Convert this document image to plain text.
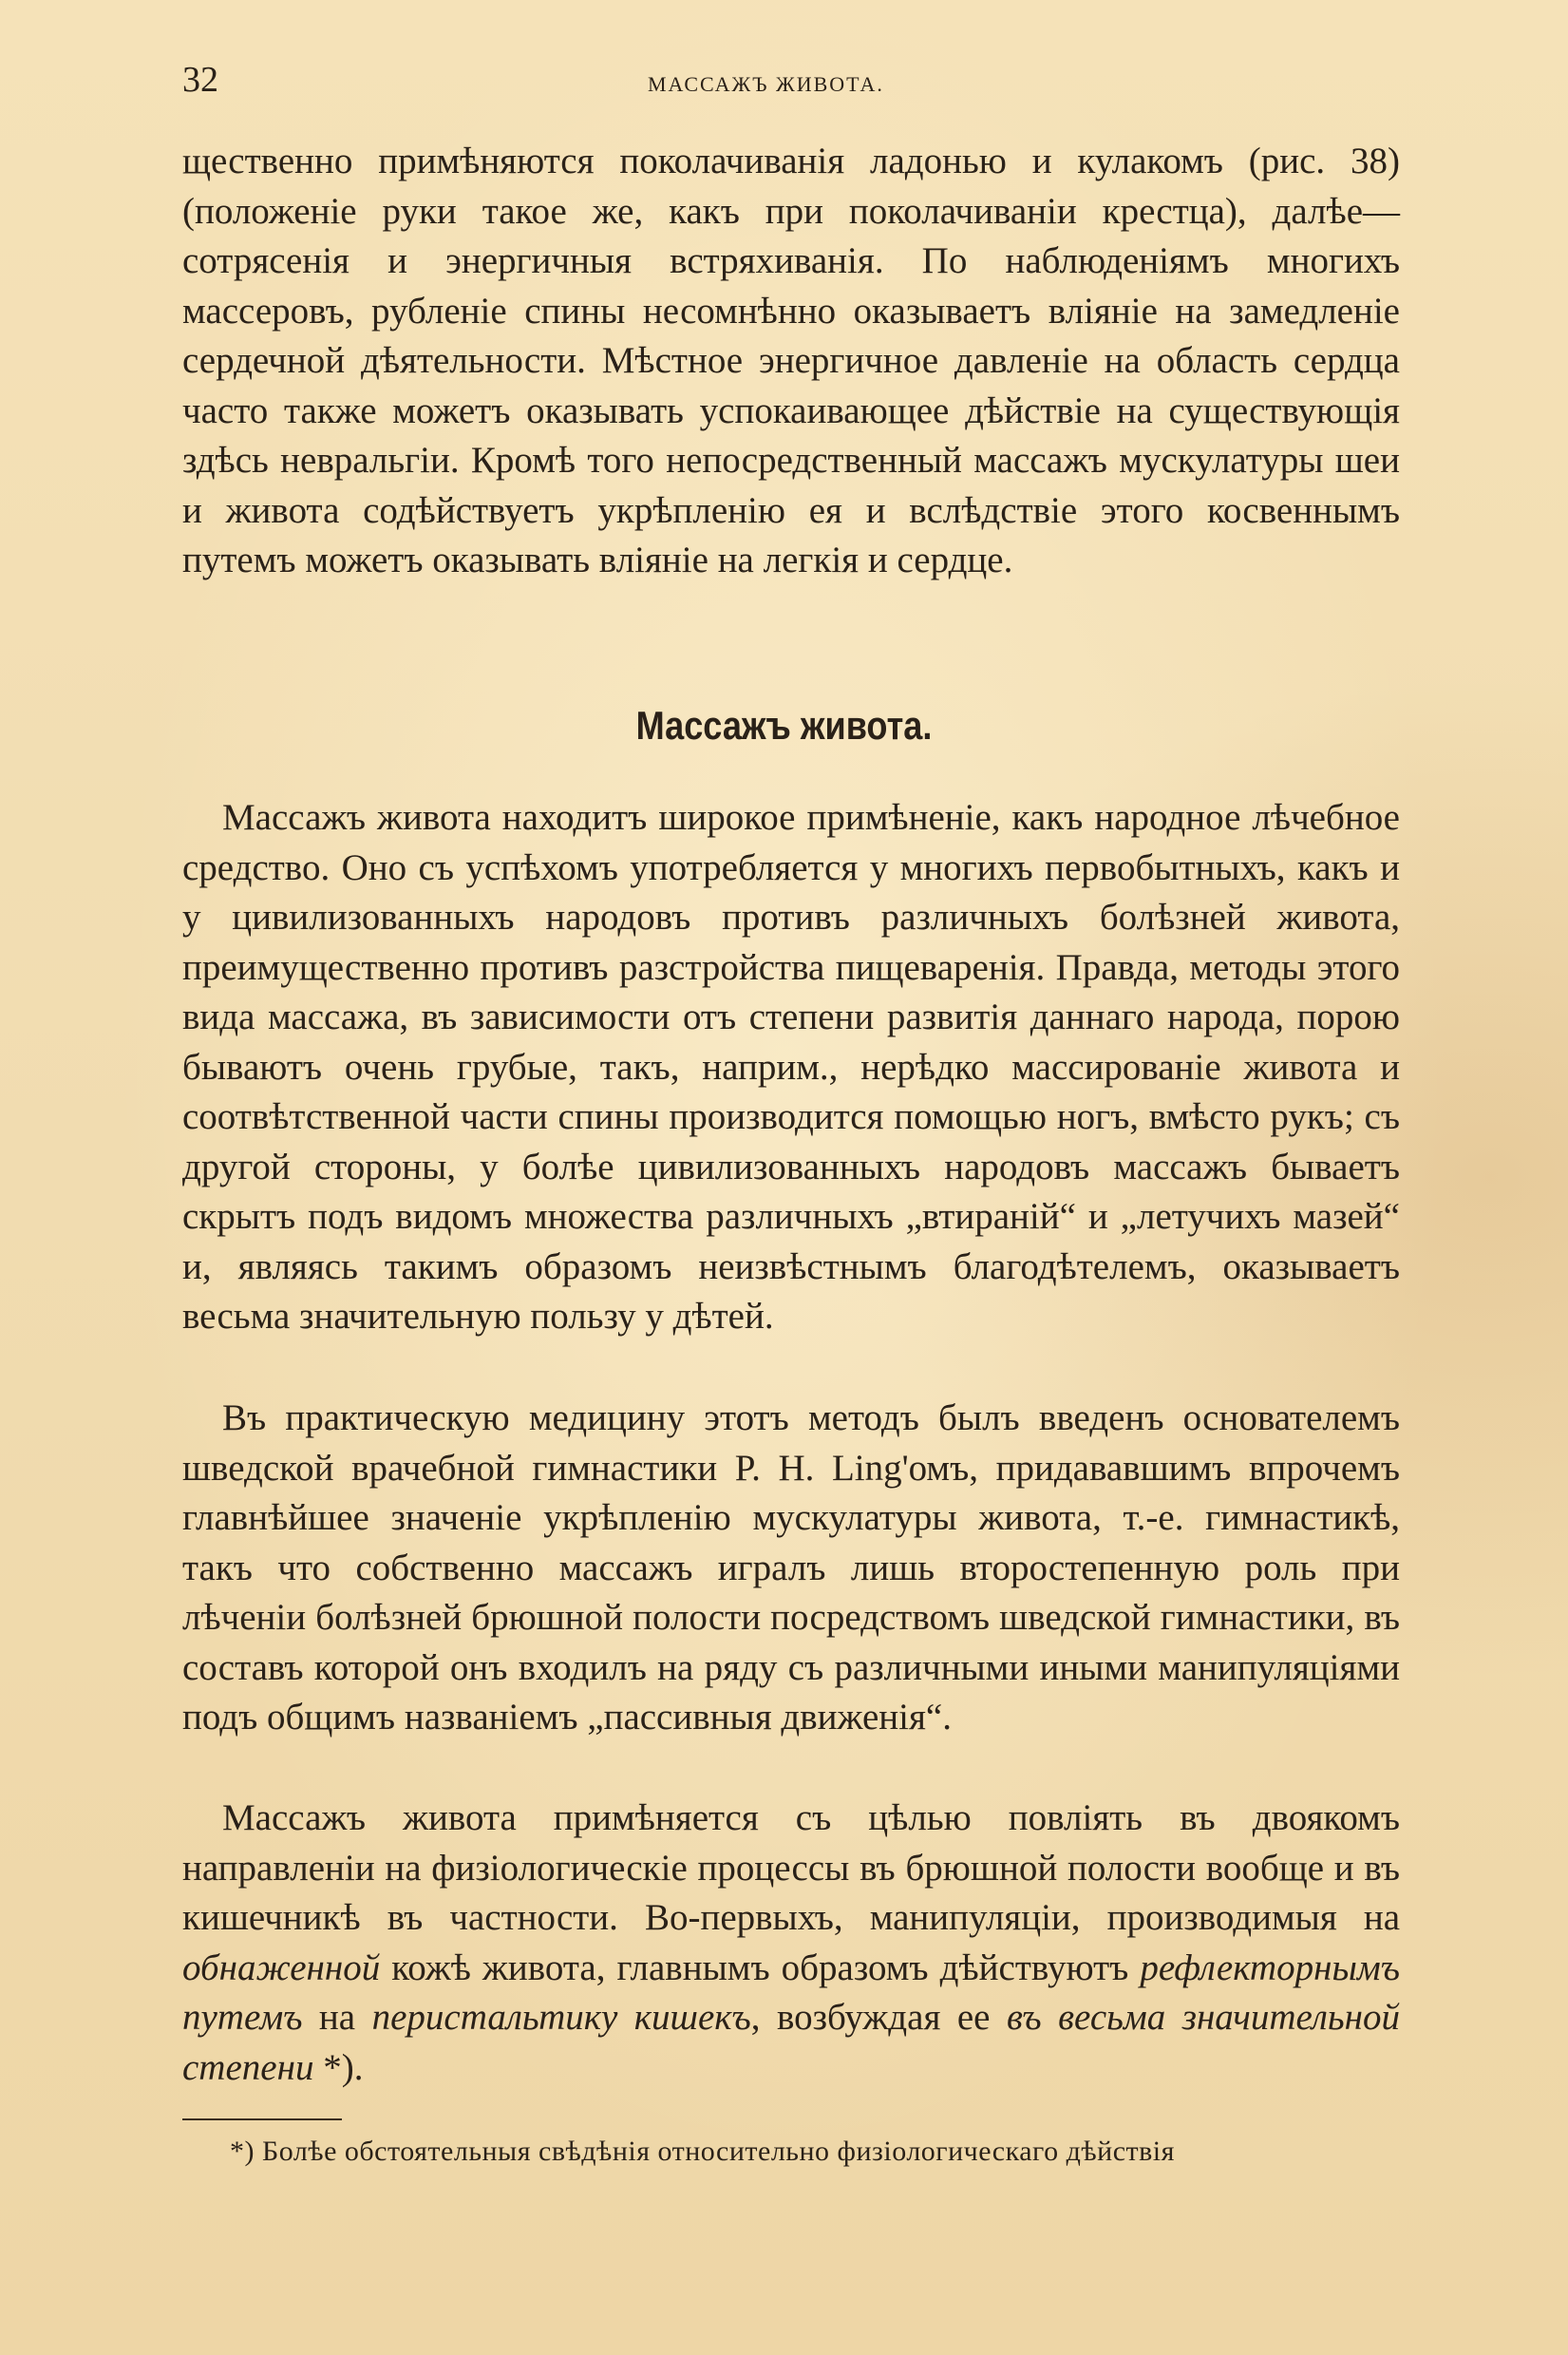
32	МАССАЖЪ ЖИВОТА.

щественно примѣняются поколачиванія ладонью и кулакомъ (рис. 38) (положеніе руки такое же, какъ при поколачиваніи крестца), далѣе—сотрясенія и энергичныя встряхиванія. По наблюденіямъ многихъ массеровъ, рубленіе спины несомнѣнно оказываетъ вліяніе на замедленіе сердечной дѣятельности. Мѣстное энергичное давленіе на область сердца часто также можетъ оказывать успокаивающее дѣйствіе на существующія здѣсь невральгіи. Кромѣ того непосредственный массажъ мускулатуры шеи и живота содѣйствуетъ укрѣпленію ея и вслѣдствіе этого косвеннымъ путемъ можетъ оказывать вліяніе на легкія и сердце.

Массажъ живота.

Массажъ живота находитъ широкое примѣненіе, какъ народное лѣчебное средство. Оно съ успѣхомъ употребляется у многихъ первобытныхъ, какъ и у цивилизованныхъ народовъ противъ различныхъ болѣзней живота, преимущественно противъ разстройства пищеваренія. Правда, методы этого вида массажа, въ зависимости отъ степени развитія даннаго народа, порою бываютъ очень грубые, такъ, наприм., нерѣдко массированіе живота и соотвѣтственной части спины производится помощью ногъ, вмѣсто рукъ; съ другой стороны, у болѣе цивилизованныхъ народовъ массажъ бываетъ скрытъ подъ видомъ множества различныхъ „втираній“ и „летучихъ мазей“ и, являясь такимъ образомъ неизвѣстнымъ благодѣтелемъ, оказываетъ весьма значительную пользу у дѣтей.

Въ практическую медицину этотъ методъ былъ введенъ основателемъ шведской врачебной гимнастики P. H. Ling'омъ, придававшимъ впрочемъ главнѣйшее значеніе укрѣпленію мускулатуры живота, т.-е. гимнастикѣ, такъ что собственно массажъ игралъ лишь второстепенную роль при лѣченіи болѣзней брюшной полости посредствомъ шведской гимнастики, въ составъ которой онъ входилъ на ряду съ различными иными манипуляціями подъ общимъ названіемъ „пассивныя движенія“.

Массажъ живота примѣняется съ цѣлью повліять въ двоякомъ направленіи на физіологическіе процессы въ брюшной полости вообще и въ кишечникѣ въ частности. Во-первыхъ, манипуляціи, производимыя на обнаженной кожѣ живота, главнымъ образомъ дѣйствуютъ рефлекторнымъ путемъ на перистальтику кишекъ, возбуждая ее въ весьма значительной степени *).

*) Болѣе обстоятельныя свѣдѣнія относительно физіологическаго дѣйствія
